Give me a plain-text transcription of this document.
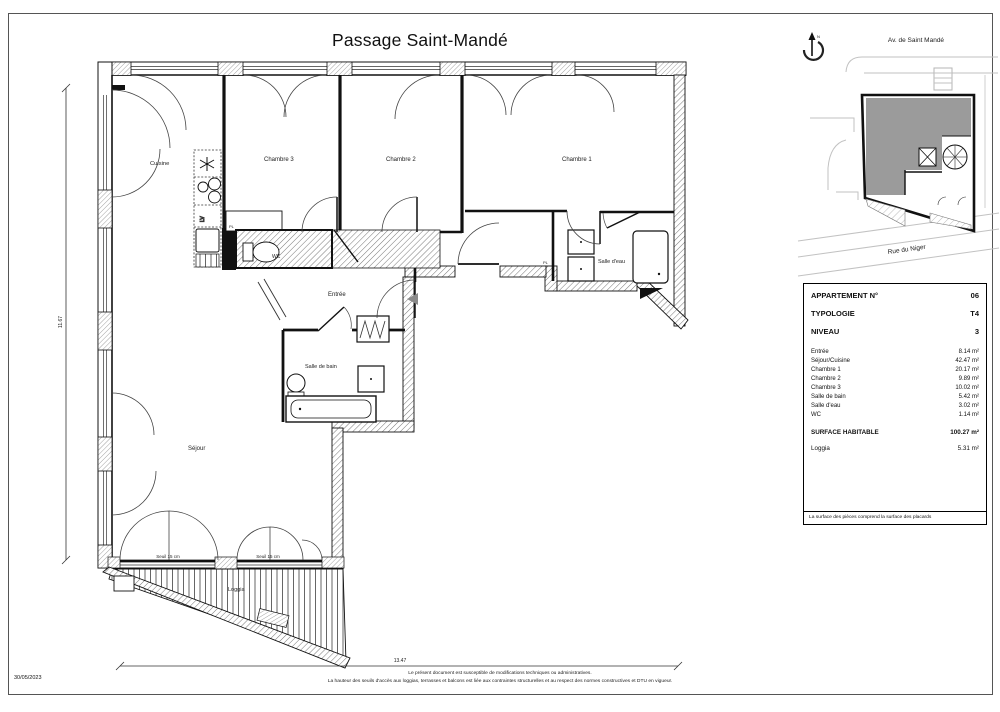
Passage Saint-Mandé
PL
PL
WC
LV
Seuil 15 cm	Seuil 15 cm
Loggia
Cuisine
Chambre 3	Chambre 2	Chambre 1
Salle d'eau
Entrée
Salle de bain
Séjour
11.67
13.47
N
Av. de Saint Mandé
Rue du Niger
APPARTEMENT N°	06
TYPOLOGIE	T4
NIVEAU	3
Entrée	8.14 m²
Séjour/Cuisine	42.47 m²
Chambre 1	20.17 m²
Chambre 2	9.89 m²
Chambre 3	10.02 m²
Salle de bain	5.42 m²
Salle d'eau	3.02 m²
WC	1.14 m²
SURFACE HABITABLE	100.27 m²
Loggia	5.31 m²
La surface des pièces comprend la surface des placards
30/05/2023
Le présent document est susceptible de modifications techniques ou administratives.
La hauteur des seuils d'accès aux loggias, terrasses et balcons est liée aux contraintes structurelles et au respect des normes constructives et DTU en vigueur.
